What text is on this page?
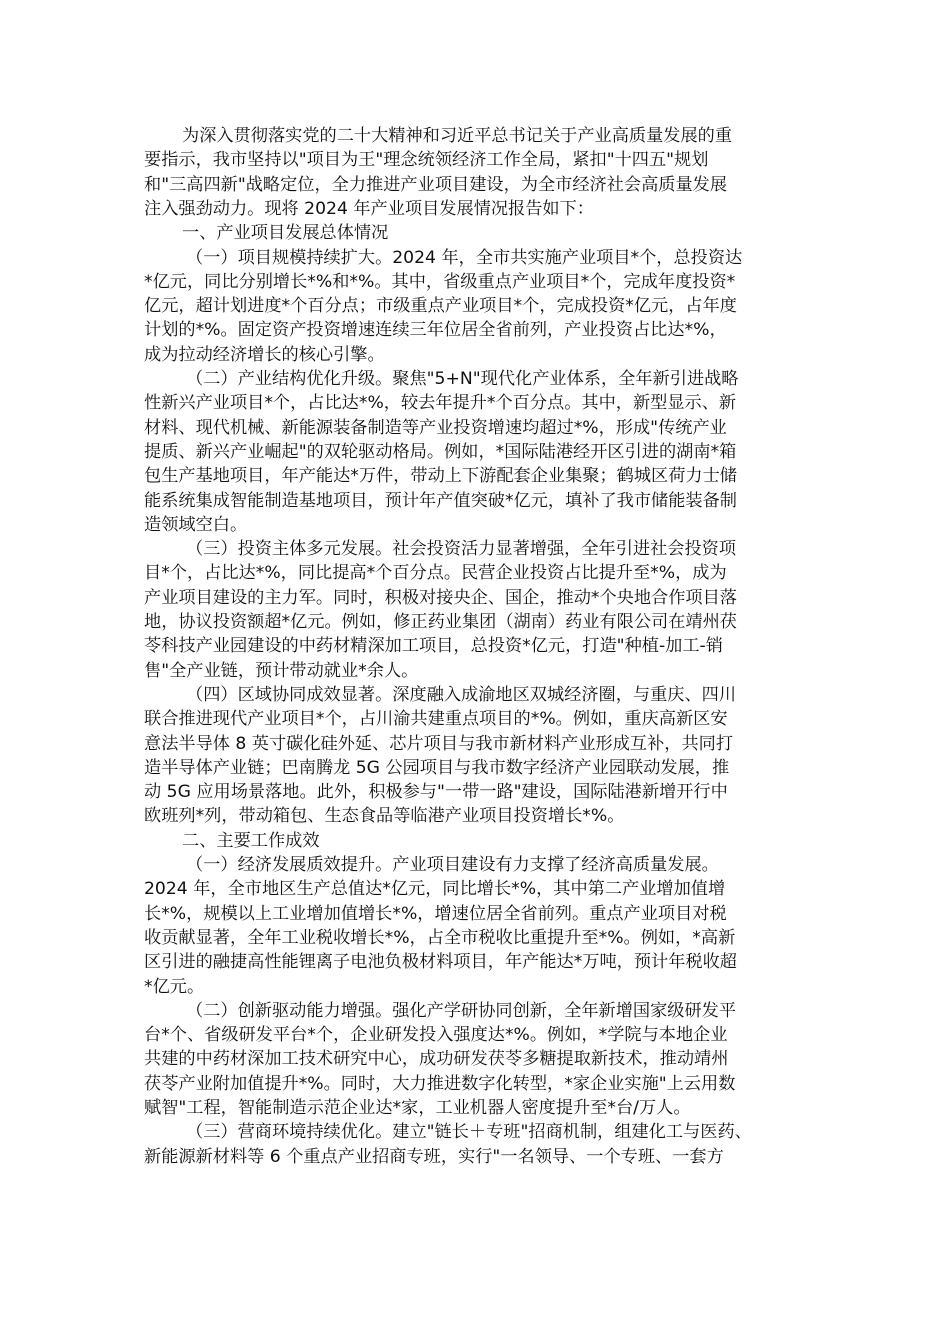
为深入贯彻落实党的二十大精神和习近平总书记关于产业高质量发展的重
要指示，我市坚持以"项目为王"理念统领经济工作全局，紧扣"十四五"规划
和"三高四新"战略定位，全力推进产业项目建设，为全市经济社会高质量发展
注入强劲动力。现将 2024 年产业项目发展情况报告如下：
一、产业项目发展总体情况
（一）项目规模持续扩大。2024 年，全市共实施产业项目*个，总投资达
*亿元，同比分别增长*%和*%。其中，省级重点产业项目*个，完成年度投资*
亿元，超计划进度*个百分点；市级重点产业项目*个，完成投资*亿元，占年度
计划的*%。固定资产投资增速连续三年位居全省前列，产业投资占比达*%，
成为拉动经济增长的核心引擎。
（二）产业结构优化升级。聚焦"5+N"现代化产业体系，全年新引进战略
性新兴产业项目*个，占比达*%，较去年提升*个百分点。其中，新型显示、新
材料、现代机械、新能源装备制造等产业投资增速均超过*%，形成"传统产业
提质、新兴产业崛起"的双轮驱动格局。例如，*国际陆港经开区引进的湖南*箱
包生产基地项目，年产能达*万件，带动上下游配套企业集聚；鹤城区荷力士储
能系统集成智能制造基地项目，预计年产值突破*亿元，填补了我市储能装备制
造领域空白。
（三）投资主体多元发展。社会投资活力显著增强，全年引进社会投资项
目*个，占比达*%，同比提高*个百分点。民营企业投资占比提升至*%，成为
产业项目建设的主力军。同时，积极对接央企、国企，推动*个央地合作项目落
地，协议投资额超*亿元。例如，修正药业集团（湖南）药业有限公司在靖州茯
苓科技产业园建设的中药材精深加工项目，总投资*亿元，打造"种植-加工-销
售"全产业链，预计带动就业*余人。
（四）区域协同成效显著。深度融入成渝地区双城经济圈，与重庆、四川
联合推进现代产业项目*个，占川渝共建重点项目的*%。例如，重庆高新区安
意法半导体 8 英寸碳化硅外延、芯片项目与我市新材料产业形成互补，共同打
造半导体产业链；巴南腾龙 5G 公园项目与我市数字经济产业园联动发展，推
动 5G 应用场景落地。此外，积极参与"一带一路"建设，国际陆港新增开行中
欧班列*列，带动箱包、生态食品等临港产业项目投资增长*%。
二、主要工作成效
（一）经济发展质效提升。产业项目建设有力支撑了经济高质量发展。
2024 年，全市地区生产总值达*亿元，同比增长*%，其中第二产业增加值增
长*%，规模以上工业增加值增长*%，增速位居全省前列。重点产业项目对税
收贡献显著，全年工业税收增长*%，占全市税收比重提升至*%。例如，*高新
区引进的融捷高性能锂离子电池负极材料项目，年产能达*万吨，预计年税收超
*亿元。
（二）创新驱动能力增强。强化产学研协同创新，全年新增国家级研发平
台*个、省级研发平台*个，企业研发投入强度达*%。例如，*学院与本地企业
共建的中药材深加工技术研究中心，成功研发茯苓多糖提取新技术，推动靖州
茯苓产业附加值提升*%。同时，大力推进数字化转型，*家企业实施"上云用数
赋智"工程，智能制造示范企业达*家，工业机器人密度提升至*台/万人。
（三）营商环境持续优化。建立"链长＋专班"招商机制，组建化工与医药、
新能源新材料等 6 个重点产业招商专班，实行"一名领导、一个专班、一套方
